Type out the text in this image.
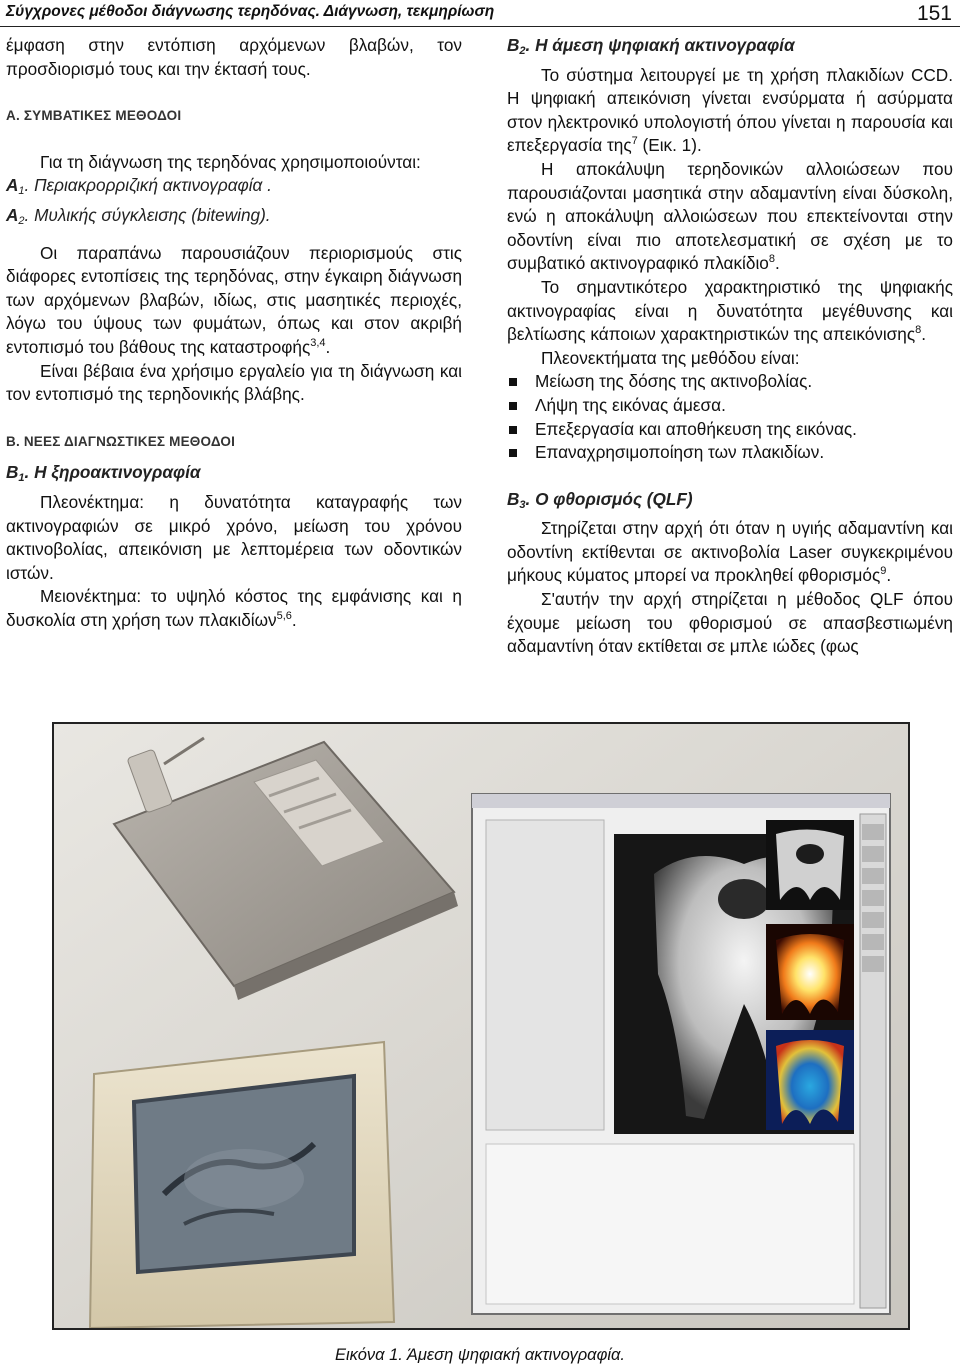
Σύγχρονες μέθοδοι διάγνωσης τερηδόνας. Διάγνωση, τεκμηρίωση	151

έμφαση στην εντόπιση αρχόμενων βλαβών, τον προσδιορισμό τους και την έκτασή τους.

Α. ΣΥΜΒΑΤΙΚΕΣ ΜΕΘΟΔΟΙ

Για τη διάγνωση της τερηδόνας χρησιμοποιούνται:

$A_1$. Περιακρορριζική ακτινογραφία .

$A_2$. Μυλικής σύγκλεισης (bitewing).

Οι παραπάνω παρουσιάζουν περιορισμούς στις διάφορες εντοπίσεις της τερηδόνας, στην έγκαιρη διάγνωση των αρχόμενων βλαβών, ιδίως, στις μασητικές περιοχές, λόγω του ύψους των φυμάτων, όπως και στον ακριβή εντοπισμό του βάθους της καταστροφής$^{3,4}$.

Είναι βέβαια ένα χρήσιμο εργαλείο για τη διάγνωση και τον εντοπισμό της τερηδονικής βλάβης.

Β. ΝΕΕΣ ΔΙΑΓΝΩΣΤΙΚΕΣ ΜΕΘΟΔΟΙ

$B_1$. Η ξηροακτινογραφία

Πλεονέκτημα: η δυνατότητα καταγραφής των ακτινογραφιών σε μικρό χρόνο, μείωση του χρόνου ακτινοβολίας, απεικόνιση με λεπτομέρεια των οδοντικών ιστών.

Μειονέκτημα: το υψηλό κόστος της εμφάνισης και η δυσκολία στη χρήση των πλακιδίων$^{5,6}$.

$B_2$. Η άμεση ψηφιακή ακτινογραφία

Το σύστημα λειτουργεί με τη χρήση πλακιδίων CCD. Η ψηφιακή απεικόνιση γίνεται ενσύρματα ή ασύρματα στον ηλεκτρονικό υπολογιστή όπου γίνεται η παρουσία και επεξεργασία της$^7$ (Εικ. 1).

Η αποκάλυψη τερηδονικών αλλοιώσεων που παρουσιάζονται μασητικά στην αδαμαντίνη είναι δύσκολη, ενώ η αποκάλυψη αλλοιώσεων που επεκτείνονται στην οδοντίνη είναι πιο αποτελεσματική σε σχέση με το συμβατικό ακτινογραφικό πλακίδιο$^8$.

Το σημαντικότερο χαρακτηριστικό της ψηφιακής ακτινογραφίας είναι η δυνατότητα μεγέθυνσης και βελτίωσης κάποιων χαρακτηριστικών της απεικόνισης$^8$.

Πλεονεκτήματα της μεθόδου είναι:

Μείωση της δόσης της ακτινοβολίας.
Λήψη της εικόνας άμεσα.
Επεξεργασία και αποθήκευση της εικόνας.
Επαναχρησιμοποίηση των πλακιδίων.

$B_3$. Ο φθορισμός (QLF)

Στηρίζεται στην αρχή ότι όταν η υγιής αδαμαντίνη και οδοντίνη εκτίθενται σε ακτινοβολία Laser συγκεκριμένου μήκους κύματος μπορεί να προκληθεί φθορισμός$^9$.

Σ'αυτήν την αρχή στηρίζεται η μέθοδος QLF όπου έχουμε μείωση του φθορισμού σε απασβεστιωμένη αδαμαντίνη όταν εκτίθεται σε μπλε ιώδες (φως

Εικόνα 1. Άμεση ψηφιακή ακτινογραφία.
